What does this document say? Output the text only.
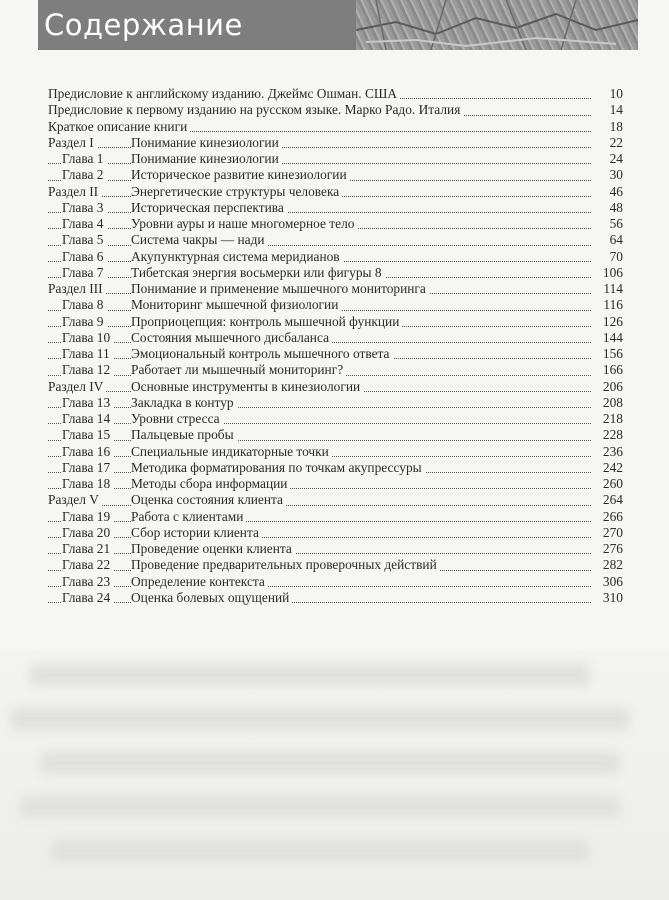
Содержание
Предисловие к английскому изданию. Джеймс Ошман. США	10
Предисловие к первому изданию на русском языке. Марко Радо. Италия	14
Краткое описание книги	18
Раздел I	Понимание кинезиологии	22
Глава 1 Понимание кинезиологии	24
Глава 2 Историческое развитие кинезиологии	30
Раздел II Энергетические структуры человека	46
Глава 3 Историческая перспектива	48
Глава 4 Уровни ауры и наше многомерное тело	56
Глава 5 Система чакры — нади	64
Глава 6 Акупунктурная система меридианов	70
Глава 7 Тибетская энергия восьмерки или фигуры 8	106
Раздел III Понимание и применение мышечного мониторинга	114
Глава 8 Мониторинг мышечной физиологии	116
Глава 9 Проприоцепция: контроль мышечной функции	126
Глава 10 Состояния мышечного дисбаланса	144
Глава 11 Эмоциональный контроль мышечного ответа	156
Глава 12 Работает ли мышечный мониторинг?	166
Раздел IV Основные инструменты в кинезиологии	206
Глава 13 Закладка в контур	208
Глава 14 Уровни стресса	218
Глава 15 Пальцевые пробы	228
Глава 16 Специальные индикаторные точки	236
Глава 17 Методика форматирования по точкам акупрессуры	242
Глава 18 Методы сбора информации	260
Раздел V Оценка состояния клиента	264
Глава 19 Работа с клиентами	266
Глава 20 Сбор истории клиента	270
Глава 21 Проведение оценки клиента	276
Глава 22 Проведение предварительных проверочных действий	282
Глава 23 Определение контекста	306
Глава 24 Оценка болевых ощущений	310
